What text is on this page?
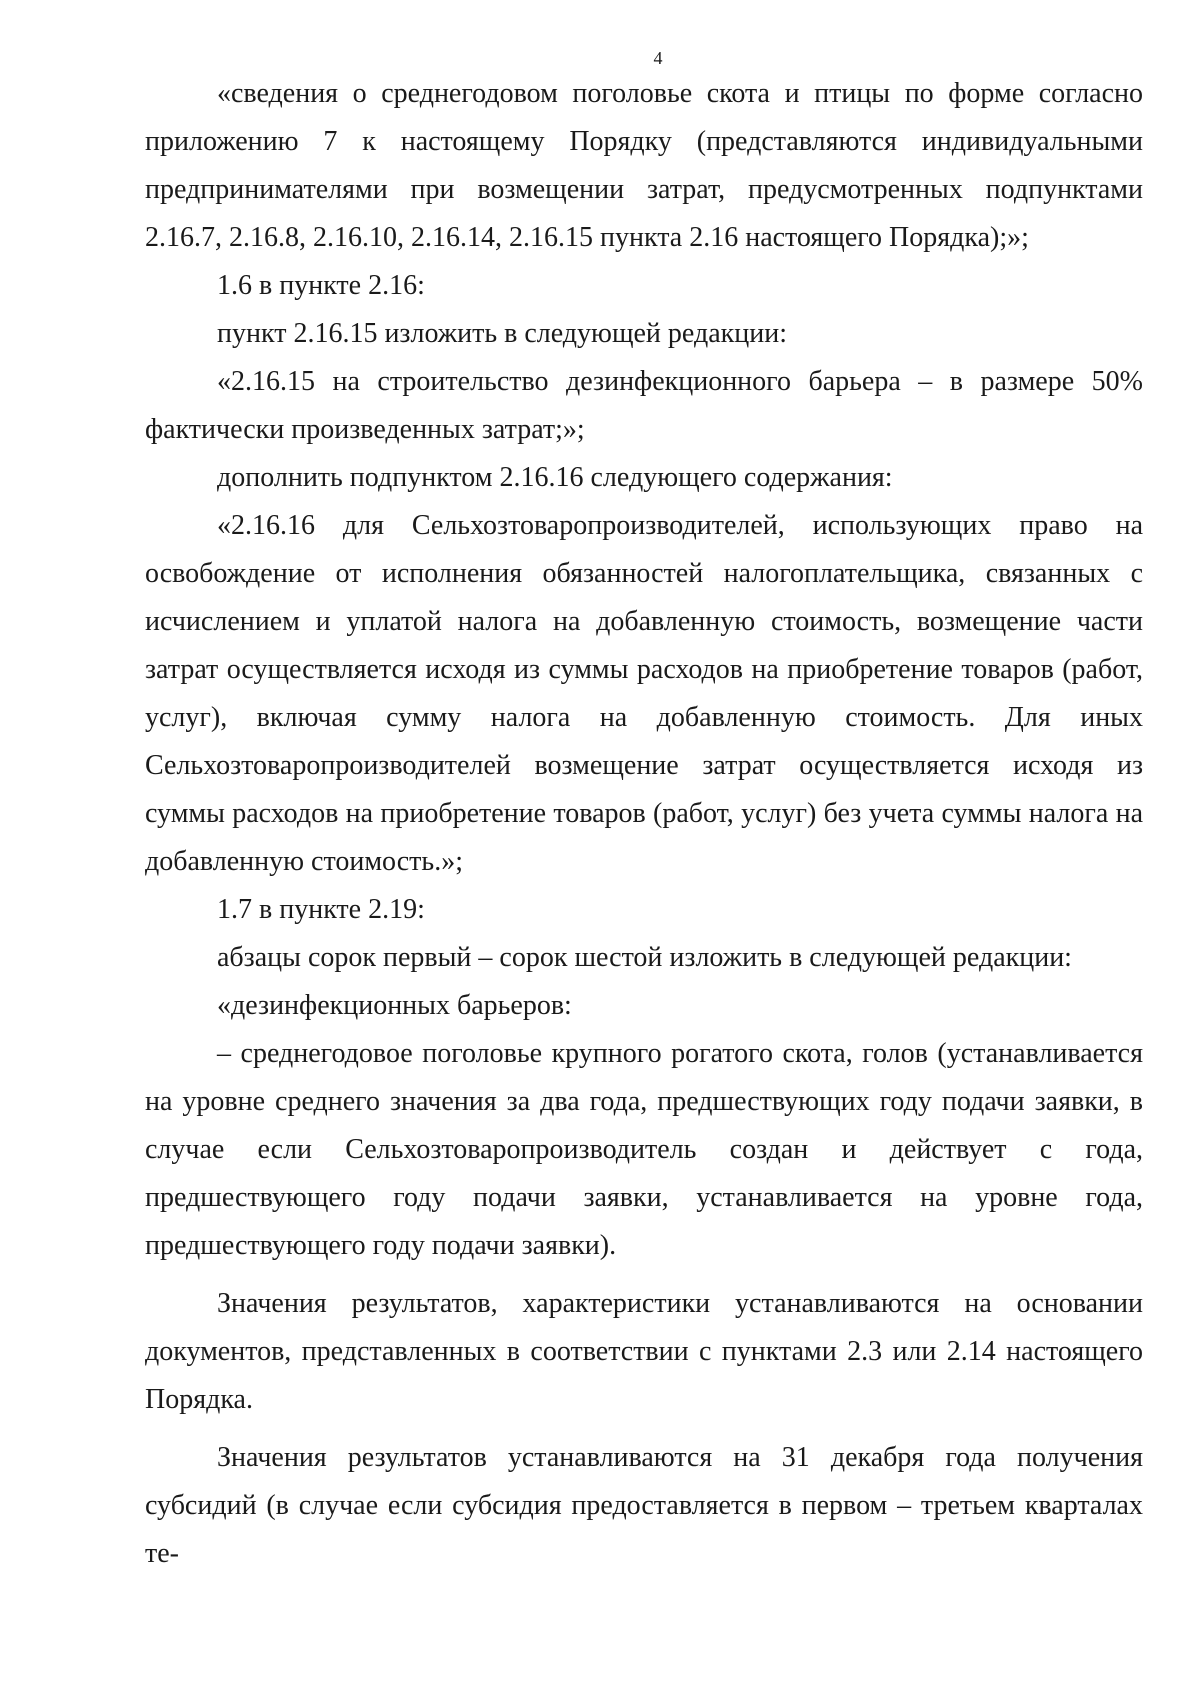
4

«сведения о среднегодовом поголовье скота и птицы по форме согласно приложению 7 к настоящему Порядку (представляются индивидуальными предпринимателями при возмещении затрат, предусмотренных подпунктами 2.16.7, 2.16.8, 2.16.10, 2.16.14, 2.16.15 пункта 2.16 настоящего Порядка);»;

1.6 в пункте 2.16:

пункт 2.16.15 изложить в следующей редакции:

«2.16.15 на строительство дезинфекционного барьера – в размере 50% фактически произведенных затрат;»;

дополнить подпунктом 2.16.16 следующего содержания:

«2.16.16 для Сельхозтоваропроизводителей, использующих право на освобождение от исполнения обязанностей налогоплательщика, связанных с исчислением и уплатой налога на добавленную стоимость, возмещение части затрат осуществляется исходя из суммы расходов на приобретение товаров (работ, услуг), включая сумму налога на добавленную стоимость. Для иных Сельхозтоваропроизводителей возмещение затрат осуществляется исходя из суммы расходов на приобретение товаров (работ, услуг) без учета суммы налога на добавленную стоимость.»;

1.7 в пункте 2.19:

абзацы сорок первый – сорок шестой изложить в следующей редакции:

«дезинфекционных барьеров:

– среднегодовое поголовье крупного рогатого скота, голов (устанавливается на уровне среднего значения за два года, предшествующих году подачи заявки, в случае если Сельхозтоваропроизводитель создан и действует с года, предшествующего году подачи заявки, устанавливается на уровне года, предшествующего году подачи заявки).

Значения результатов, характеристики устанавливаются на основании документов, представленных в соответствии с пунктами 2.3 или 2.14 настоящего Порядка.

Значения результатов устанавливаются на 31 декабря года получения субсидий (в случае если субсидия предоставляется в первом – третьем кварталах те-
